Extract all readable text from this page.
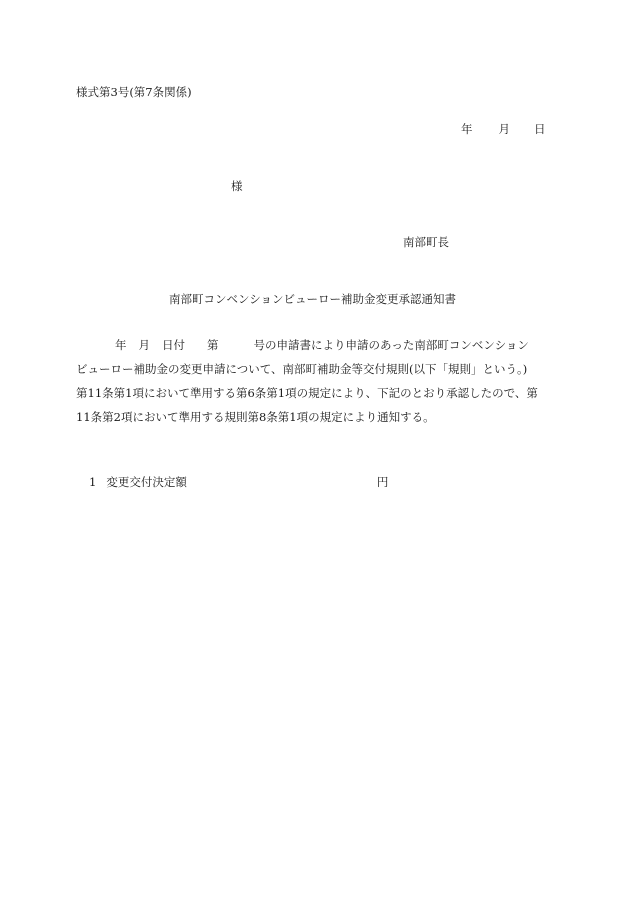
様式第3号(第7条関係)
年 月 日
様
南部町長
南部町コンベンションビューロー補助金変更承認通知書
年 月 日付 第	号の申請書により申請のあった南部町コンベンション
ビューロー補助金の変更申請について、南部町補助金等交付規則(以下「規則」という。)
第11条第1項において準用する第6条第1項の規定により、下記のとおり承認したので、第
11条第2項において準用する規則第8条第1項の規定により通知する。
1 変更交付決定額	円
